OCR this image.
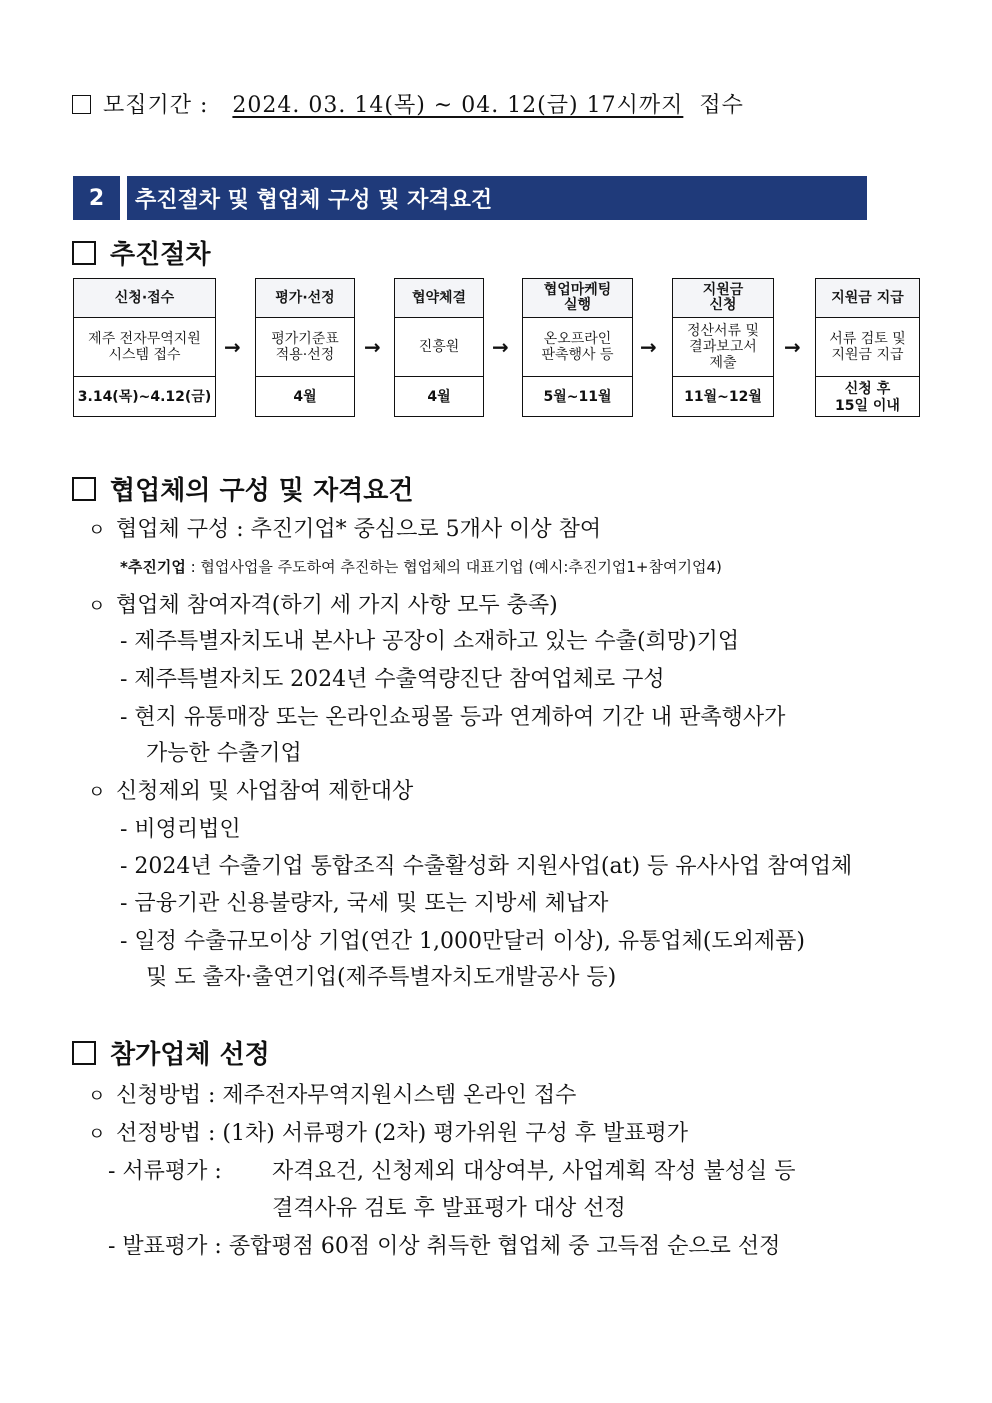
모집기간 : 2024. 03. 14(목) ~ 04. 12(금) 17시까지 접수
2	추진절차 및 협업체 구성 및 자격요건
추진절차
신청·접수
제주 전자무역지원
시스템 접수
3.14(목)~4.12(금)
→
평가·선정
평가기준표
적용·선정
4월
→
협약체결
진흥원
4월
→
협업마케팅
실행
온오프라인
판촉행사 등
5월~11월
→
지원금
신청
정산서류 및
결과보고서
제출
11월~12월
→
지원금 지급
서류 검토 및
지원금 지급
신청 후
15일 이내
협업체의 구성 및 자격요건
ㅇ 협업체 구성 : 추진기업* 중심으로 5개사 이상 참여
*추진기업 : 협업사업을 주도하여 추진하는 협업체의 대표기업 (예시:추진기업1+참여기업4)
ㅇ 협업체 참여자격(하기 세 가지 사항 모두 충족)
- 제주특별자치도내 본사나 공장이 소재하고 있는 수출(희망)기업
- 제주특별자치도 2024년 수출역량진단 참여업체로 구성
- 현지 유통매장 또는 온라인쇼핑몰 등과 연계하여 기간 내 판촉행사가
가능한 수출기업
ㅇ 신청제외 및 사업참여 제한대상
- 비영리법인
- 2024년 수출기업 통합조직 수출활성화 지원사업(at) 등 유사사업 참여업체
- 금융기관 신용불량자, 국세 및 또는 지방세 체납자
- 일정 수출규모이상 기업(연간 1,000만달러 이상), 유통업체(도외제품)
및 도 출자·출연기업(제주특별자치도개발공사 등)
참가업체 선정
ㅇ 신청방법 : 제주전자무역지원시스템 온라인 접수
ㅇ 선정방법 : (1차) 서류평가 (2차) 평가위원 구성 후 발표평가
- 서류평가 : 자격요건, 신청제외 대상여부, 사업계획 작성 불성실 등
결격사유 검토 후 발표평가 대상 선정
- 발표평가 : 종합평점 60점 이상 취득한 협업체 중 고득점 순으로 선정
